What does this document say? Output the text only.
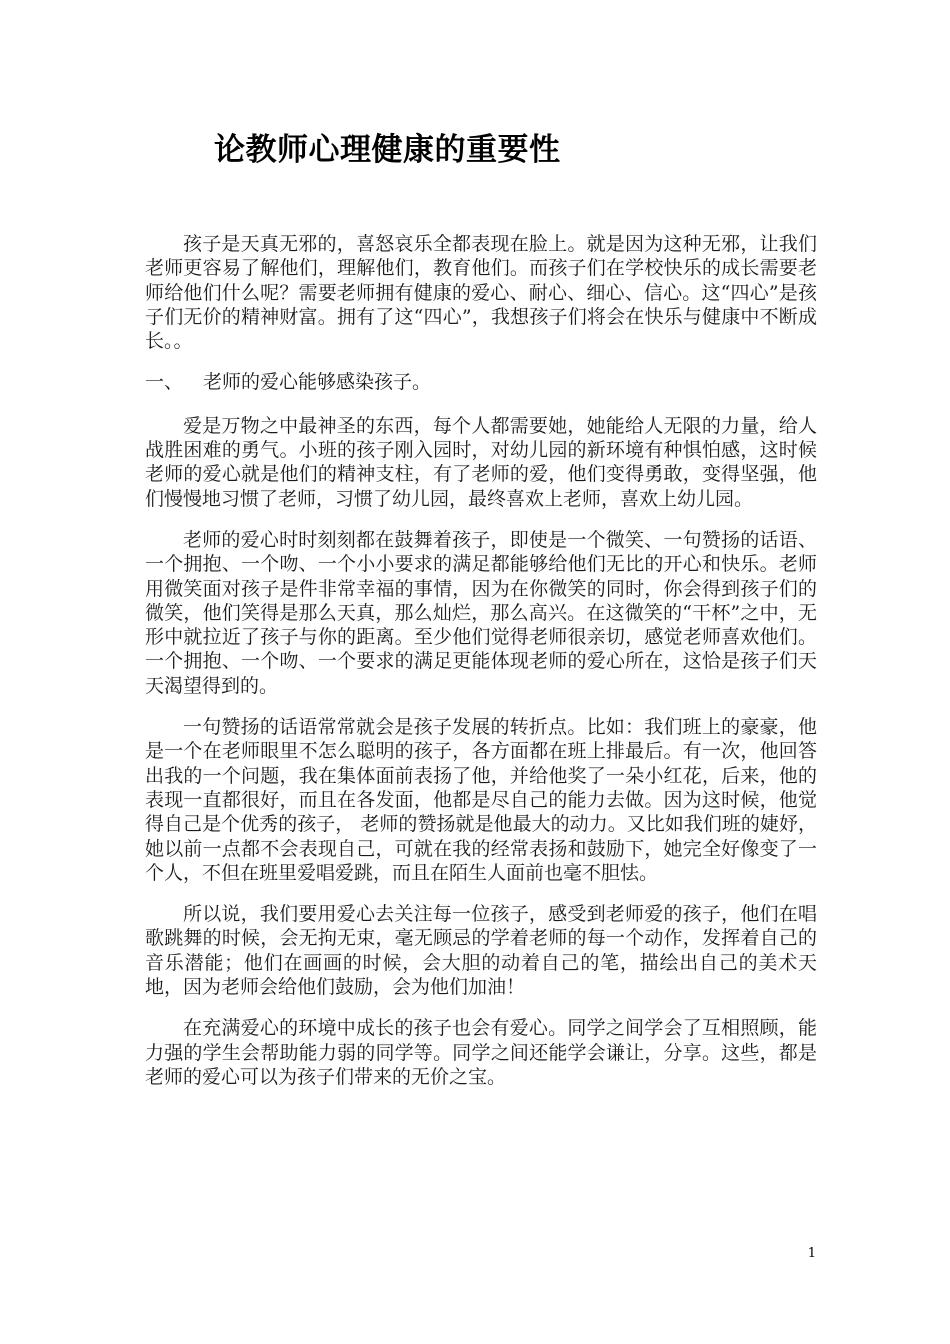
论教师心理健康的重要性

孩子是天真无邪的，喜怒哀乐全都表现在脸上。就是因为这种无邪，让我们老师更容易了解他们，理解他们，教育他们。而孩子们在学校快乐的成长需要老师给他们什么呢？需要老师拥有健康的爱心、耐心、细心、信心。这“四心”是孩子们无价的精神财富。拥有了这“四心”，我想孩子们将会在快乐与健康中不断成长。。

一、 老师的爱心能够感染孩子。

爱是万物之中最神圣的东西，每个人都需要她，她能给人无限的力量，给人战胜困难的勇气。小班的孩子刚入园时，对幼儿园的新环境有种惧怕感，这时候老师的爱心就是他们的精神支柱，有了老师的爱，他们变得勇敢，变得坚强，他们慢慢地习惯了老师，习惯了幼儿园，最终喜欢上老师，喜欢上幼儿园。

老师的爱心时时刻刻都在鼓舞着孩子，即使是一个微笑、一句赞扬的话语、一个拥抱、一个吻、一个小小要求的满足都能够给他们无比的开心和快乐。老师用微笑面对孩子是件非常幸福的事情，因为在你微笑的同时，你会得到孩子们的微笑，他们笑得是那么天真，那么灿烂，那么高兴。在这微笑的“干杯”之中，无形中就拉近了孩子与你的距离。至少他们觉得老师很亲切，感觉老师喜欢他们。一个拥抱、一个吻、一个要求的满足更能体现老师的爱心所在，这恰是孩子们天天渴望得到的。

一句赞扬的话语常常就会是孩子发展的转折点。比如：我们班上的豪豪，他是一个在老师眼里不怎么聪明的孩子，各方面都在班上排最后。有一次，他回答出我的一个问题，我在集体面前表扬了他，并给他奖了一朵小红花，后来，他的表现一直都很好，而且在各发面，他都是尽自己的能力去做。因为这时候，他觉得自己是个优秀的孩子， 老师的赞扬就是他最大的动力。又比如我们班的婕妤，她以前一点都不会表现自己，可就在我的经常表扬和鼓励下，她完全好像变了一个人，不但在班里爱唱爱跳，而且在陌生人面前也毫不胆怯。

所以说，我们要用爱心去关注每一位孩子，感受到老师爱的孩子，他们在唱歌跳舞的时候，会无拘无束，毫无顾忌的学着老师的每一个动作，发挥着自己的音乐潜能；他们在画画的时候，会大胆的动着自己的笔，描绘出自己的美术天地，因为老师会给他们鼓励，会为他们加油！

在充满爱心的环境中成长的孩子也会有爱心。同学之间学会了互相照顾，能力强的学生会帮助能力弱的同学等。同学之间还能学会谦让，分享。这些，都是老师的爱心可以为孩子们带来的无价之宝。

1
